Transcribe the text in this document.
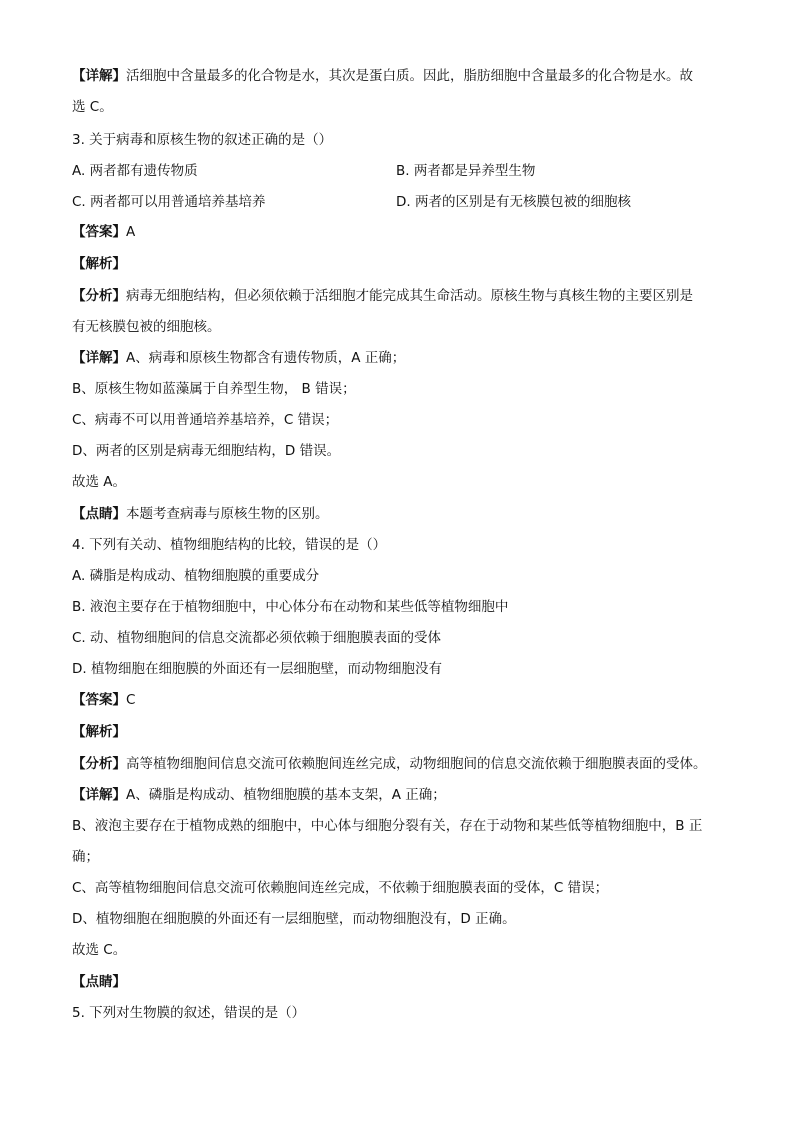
【详解】活细胞中含量最多的化合物是水，其次是蛋白质。因此，脂肪细胞中含量最多的化合物是水。故
选 C。
3. 关于病毒和原核生物的叙述正确的是（）
A. 两者都有遗传物质	B. 两者都是异养型生物
C. 两者都可以用普通培养基培养	D. 两者的区别是有无核膜包被的细胞核
【答案】A
【解析】
【分析】病毒无细胞结构，但必须依赖于活细胞才能完成其生命活动。原核生物与真核生物的主要区别是
有无核膜包被的细胞核。
【详解】A、病毒和原核生物都含有遗传物质，A 正确；
B、原核生物如蓝藻属于自养型生物， B 错误；
C、病毒不可以用普通培养基培养，C 错误；
D、两者的区别是病毒无细胞结构，D 错误。
故选 A。
【点睛】本题考查病毒与原核生物的区别。
4. 下列有关动、植物细胞结构的比较，错误的是（）
A. 磷脂是构成动、植物细胞膜的重要成分
B. 液泡主要存在于植物细胞中，中心体分布在动物和某些低等植物细胞中
C. 动、植物细胞间的信息交流都必须依赖于细胞膜表面的受体
D. 植物细胞在细胞膜的外面还有一层细胞壁，而动物细胞没有
【答案】C
【解析】
【分析】高等植物细胞间信息交流可依赖胞间连丝完成，动物细胞间的信息交流依赖于细胞膜表面的受体。
【详解】A、磷脂是构成动、植物细胞膜的基本支架，A 正确；
B、液泡主要存在于植物成熟的细胞中，中心体与细胞分裂有关，存在于动物和某些低等植物细胞中，B 正
确；
C、高等植物细胞间信息交流可依赖胞间连丝完成，不依赖于细胞膜表面的受体，C 错误；
D、植物细胞在细胞膜的外面还有一层细胞壁，而动物细胞没有，D 正确。
故选 C。
【点睛】
5. 下列对生物膜的叙述，错误的是（）
